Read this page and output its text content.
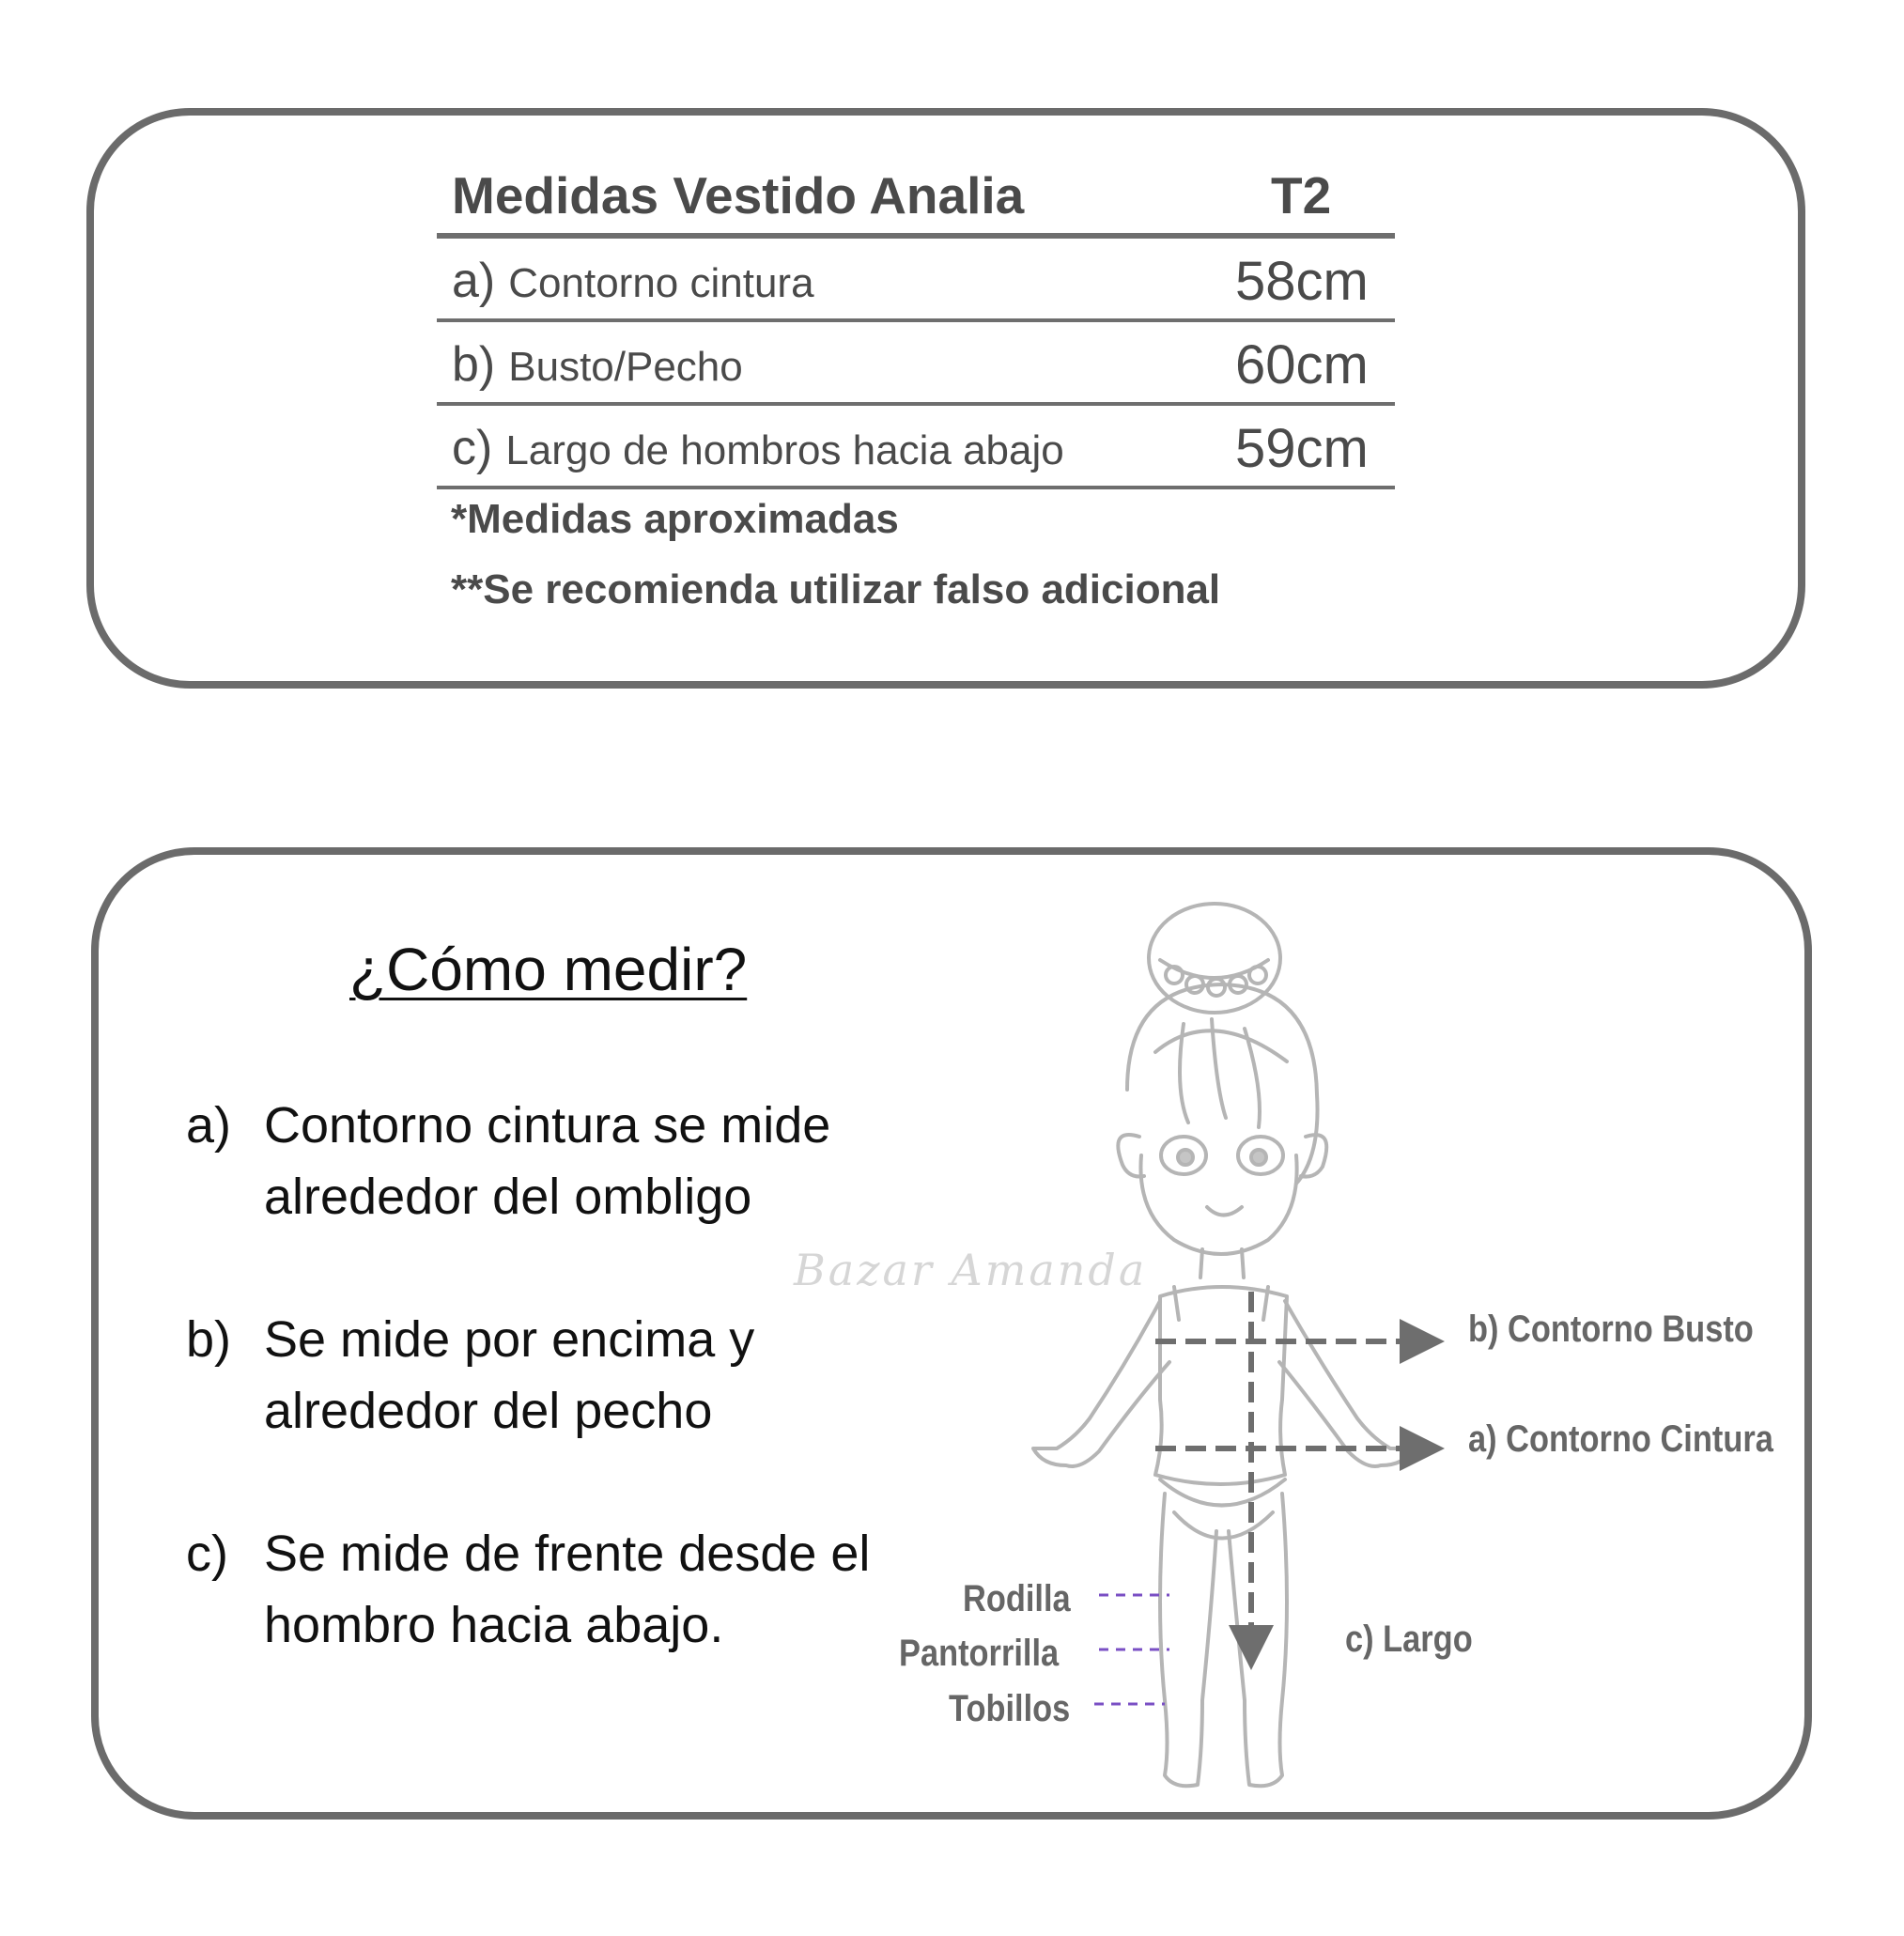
Medidas Vestido Analia	T2
a) Contorno cintura	58cm
b) Busto/Pecho	60cm
c) Largo de hombros hacia abajo	59cm
*Medidas aproximadas
**Se recomienda utilizar falso adicional
¿Cómo medir?
a) Contorno cintura se mide alrededor del ombligo
b) Se mide por encima y alrededor del pecho
c) Se mide de frente desde el hombro hacia abajo.
Bazar Amanda
b) Contorno Busto
a) Contorno Cintura
c) Largo
Rodilla
Pantorrilla
Tobillos
